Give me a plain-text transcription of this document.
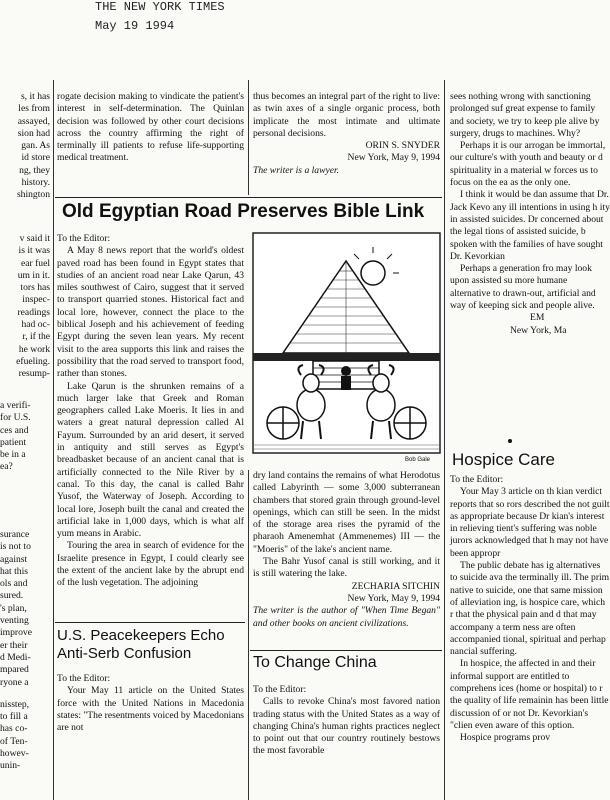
THE NEW YORK TIMES
May 19 1994
s, it has
les from
assayed,
sion had
gan. As
id store
ng, they
history.
shington
v said it
is it was
ear fuel
um in it.
tors has
inspec-
readings
had oc-
r, if the
he work
efueling.
resump-
a verifi-
for U.S.
ces and
patient
be in a
ea?
surance
is not to
against
hat this
ols and
sured.
's plan,
venting
improve
er their
d Medi-
mpared
ryone a
nisstep,
to fill a
has co-
of Ten-
howev-
unin-

rogate decision making to vindicate the patient's interest in self-determination. The Quinlan decision was followed by other court decisions across the country affirming the right of terminally ill patients to refuse life-supporting medical treatment.

thus becomes an integral part of the right to live: as twin axes of a single organic process, both implicate the most intimate and ultimate personal decisions.

ORIN S. SNYDER

New York, May 9, 1994

The writer is a lawyer.

Old Egyptian Road Preserves Bible Link

To the Editor:

A May 8 news report that the world's oldest paved road has been found in Egypt states that studies of an ancient road near Lake Qarun, 43 miles southwest of Cairo, suggest that it served to transport quarried stones. Historical fact and local lore, however, connect the place to the biblical Joseph and his achievement of feeding Egypt during the seven lean years. My recent visit to the area supports this link and raises the possibility that the road served to transport food, rather than stones.

Lake Qarun is the shrunken remains of a much larger lake that Greek and Roman geographers called Lake Moeris. It lies in and waters a great natural depression called Al Fayum. Surrounded by an arid desert, it served in antiquity and still serves as Egypt's breadbasket because of an ancient canal that is artificially connected to the Nile River by a canal. To this day, the canal is called Bahr Yusof, the Waterway of Joseph. According to local lore, Joseph built the canal and created the artificial lake in 1,000 days, which is what alf yum means in Arabic.

Touring the area in search of evidence for the Israelite presence in Egypt, I could clearly see the extent of the ancient lake by the abrupt end of the lush vegetation. The adjoining

Bob Gale

dry land contains the remains of what Herodotus called Labyrinth — some 3,000 subterranean chambers that stored grain through ground-level openings, which can still be seen. In the midst of the storage area rises the pyramid of the pharaoh Amenemhat (Ammenemes) III — the "Moeris" of the lake's ancient name.

The Bahr Yusof canal is still working, and it is still watering the lake.

ZECHARIA SITCHIN

New York, May 9, 1994

The writer is the author of "When Time Began" and other books on ancient civilizations.

U.S. Peacekeepers Echo Anti-Serb Confusion

To the Editor:

Your May 11 article on the United States force with the United Nations in Macedonia states: "The resentments voiced by Macedonians are not

To Change China

To the Editor:

Calls to revoke China's most favored nation trading status with the United States as a way of changing China's human rights practices neglect to point out that our country routinely bestows the most favorable

sees nothing wrong with sanctioning prolonged suf great expense to family and society, we try to keep ple alive by surgery, drugs to machines. Why?

Perhaps it is our arrogan be immortal, our culture's with youth and beauty or d spirituality in a material w forces us to focus on the ea as the only one.

I think it would be dan assume that Dr. Jack Kevo any ill intentions in using h ity in assisted suicides. Dr concerned about the legal tions of assisted suicide, b spoken with the families of have sought Dr. Kevorkian

Perhaps a generation fro may look upon assisted su more humane alternative to drawn-out, artificial and way of keeping sick and people alive.

EM

New York, Ma

Hospice Care

To the Editor:

Your May 3 article on th kian verdict reports that so rors described the not guilt as appropriate because Dr kian's interest in relieving tient's suffering was noble jurors acknowledged that h may not have been appropr

The public debate has ig alternatives to suicide ava the terminally ill. The prim native to suicide, one that same mission of alleviation ing, is hospice care, which r that the physical pain and d that may accompany a term ness are often accompanied tional, spiritual and perhap nancial suffering.

In hospice, the affected in and their informal support are entitled to comprehens ices (home or hospital) to r the quality of life remainin has been little discussion of or not Dr. Kevorkian's "clien even aware of this option.

Hospice programs prov
